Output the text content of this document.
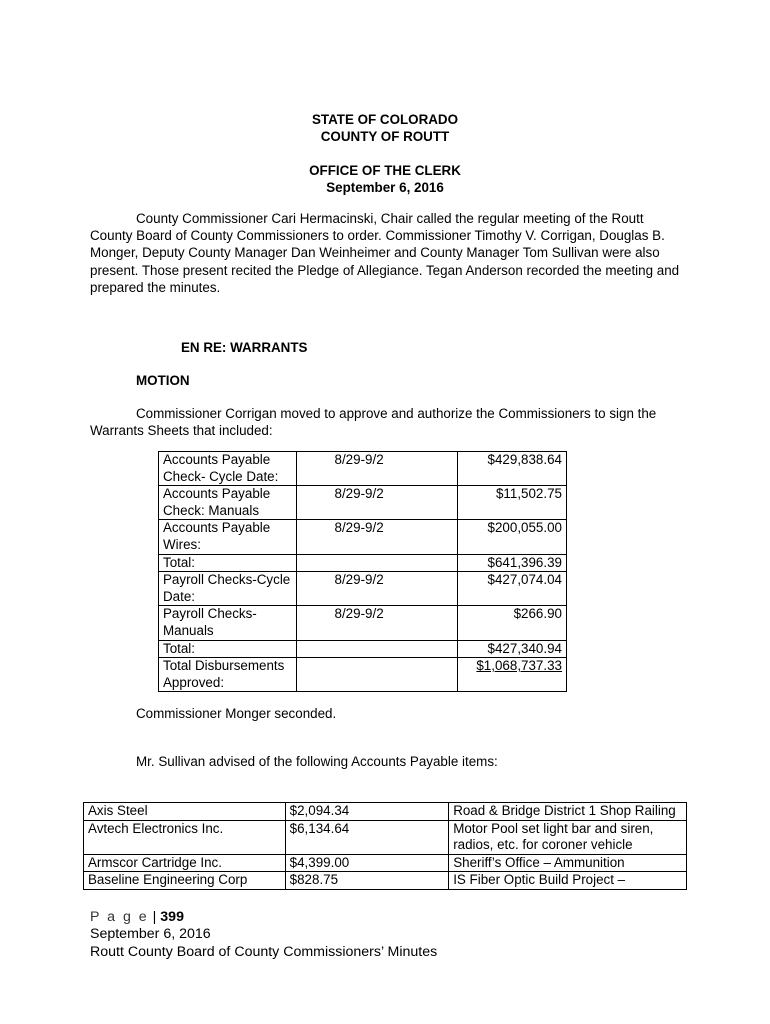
STATE OF COLORADO
COUNTY OF ROUTT
OFFICE OF THE CLERK
September 6, 2016
County Commissioner Cari Hermacinski, Chair called the regular meeting of the Routt County Board of County Commissioners to order. Commissioner Timothy V. Corrigan, Douglas B. Monger, Deputy County Manager Dan Weinheimer and County Manager Tom Sullivan were also present. Those present recited the Pledge of Allegiance. Tegan Anderson recorded the meeting and prepared the minutes.
EN RE: WARRANTS
MOTION
Commissioner Corrigan moved to approve and authorize the Commissioners to sign the Warrants Sheets that included:
Accounts Payable Check- Cycle Date:	8/29-9/2	$429,838.64
Accounts Payable Check: Manuals	8/29-9/2	$11,502.75
Accounts Payable Wires:	8/29-9/2	$200,055.00
Total:		$641,396.39
Payroll Checks-Cycle Date:	8/29-9/2	$427,074.04
Payroll Checks-Manuals	8/29-9/2	$266.90
Total:		$427,340.94
Total Disbursements Approved:		$1,068,737.33
Commissioner Monger seconded.
Mr. Sullivan advised of the following Accounts Payable items:
Axis Steel	$2,094.34	Road & Bridge District 1 Shop Railing
Avtech Electronics Inc.	$6,134.64	Motor Pool set light bar and siren, radios, etc. for coroner vehicle
Armscor Cartridge Inc.	$4,399.00	Sheriff’s Office – Ammunition
Baseline Engineering Corp	$828.75	IS Fiber Optic Build Project –
P a g e | 399
September 6, 2016
Routt County Board of County Commissioners’ Minutes
